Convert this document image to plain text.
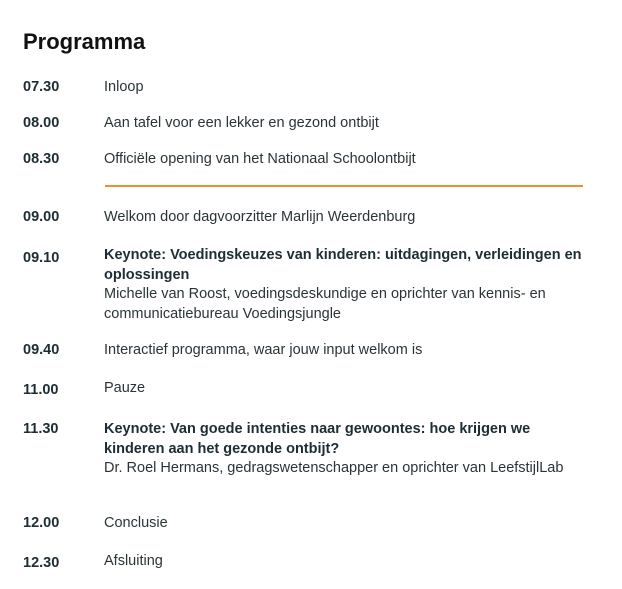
Programma
07.30	Inloop
08.00	Aan tafel voor een lekker en gezond ontbijt
08.30	Officiële opening van het Nationaal Schoolontbijt
09.00	Welkom door dagvoorzitter Marlijn Weerdenburg
09.10	Keynote: Voedingskeuzes van kinderen: uitdagingen, verleidingen en oplossingen
Michelle van Roost, voedingsdeskundige en oprichter van kennis- en communicatiebureau Voedingsjungle
09.40	Interactief programma, waar jouw input welkom is
11.00	Pauze
11.30	Keynote: Van goede intenties naar gewoontes: hoe krijgen we kinderen aan het gezonde ontbijt?
Dr. Roel Hermans, gedragswetenschapper en oprichter van LeefstijlLab
12.00	Conclusie
12.30	Afsluiting
